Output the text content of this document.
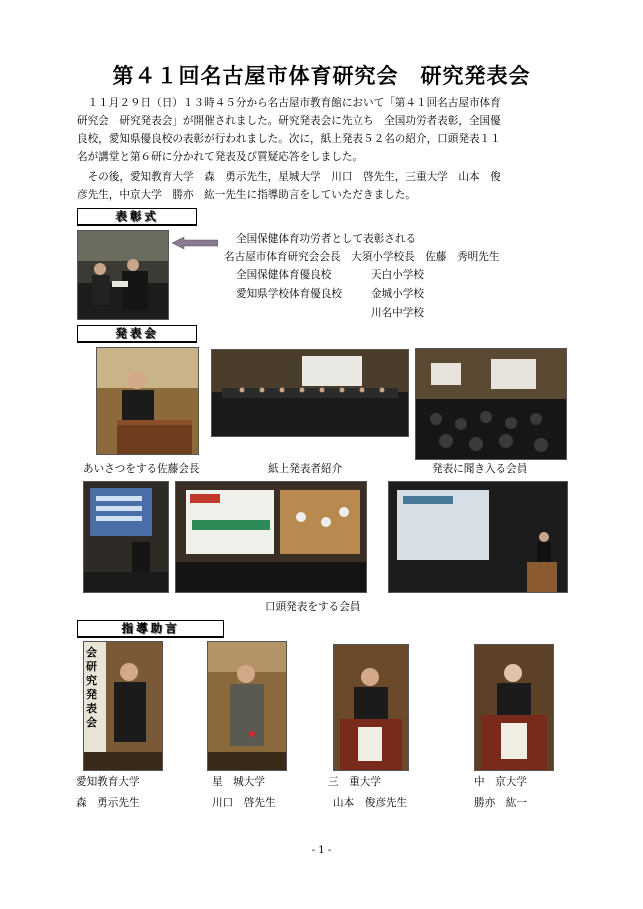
第４１回名古屋市体育研究会　研究発表会
　１１月２９日（日）１３時４５分から名古屋市教育館において「第４１回名古屋市体育
研究会　研究発表会」が開催されました。研究発表会に先立ち　全国功労者表彰，全国優
良校，愛知県優良校の表彰が行われました。次に，紙上発表５２名の紹介，口頭発表１１
名が講堂と第６研に分かれて発表及び質疑応答をしました。
　その後，愛知教育大学　森　勇示先生，星城大学　川口　啓先生，三重大学　山本　俊
彦先生，中京大学　勝亦　紘一先生に指導助言をしていただきました。
表彰式
全国保健体育功労者として表彰される
名古屋市体育研究会会長　大須小学校長　佐藤　秀明先生
全国保健体育優良校	天白小学校
愛知県学校体育優良校	金城小学校
川名中学校
発表会
あいさつをする佐藤会長	紙上発表者紹介	発表に聞き入る会員
口頭発表をする会員
指導助言
会研究発表会
愛知教育大学
森　勇示先生
星　城大学
川口　啓先生
三　重大学
山本　俊彦先生
中　京大学
勝亦　紘一
- 1 -
